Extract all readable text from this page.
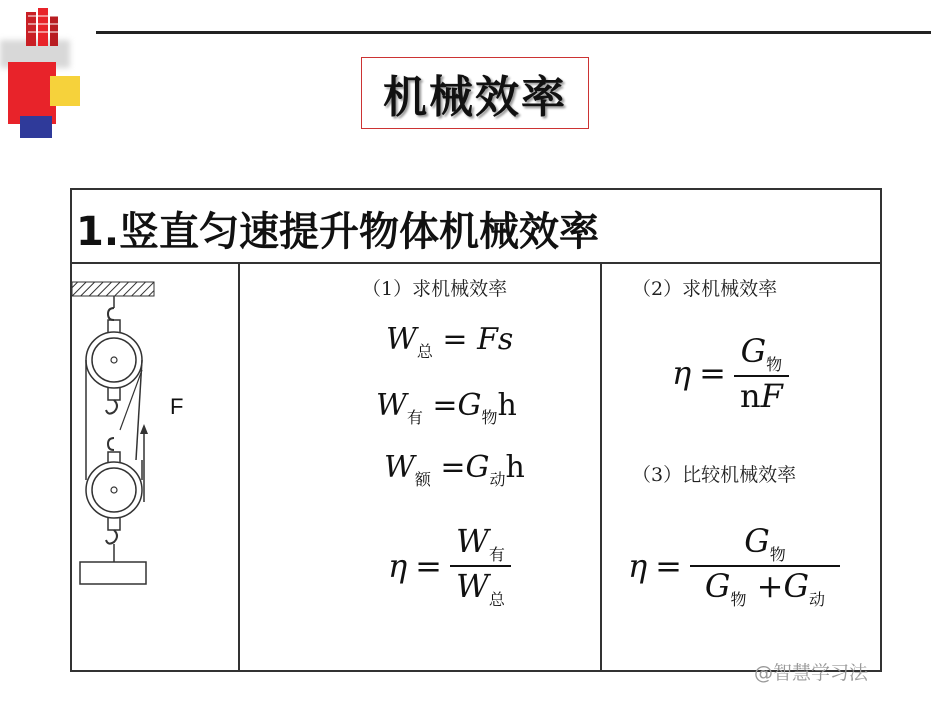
机械效率
1.竖直匀速提升物体机械效率
F
（1）求机械效率
$W_总 = Fs$
$W_有 =G_物h$
$W_额 =G_动h$
$\eta = \frac{W_有}{W_总}$
（2）求机械效率
$\eta = \frac{G_物}{nF}$
（3）比较机械效率
$\eta = \frac{G_物}{G_物 +G_动}$
@智慧学习法
